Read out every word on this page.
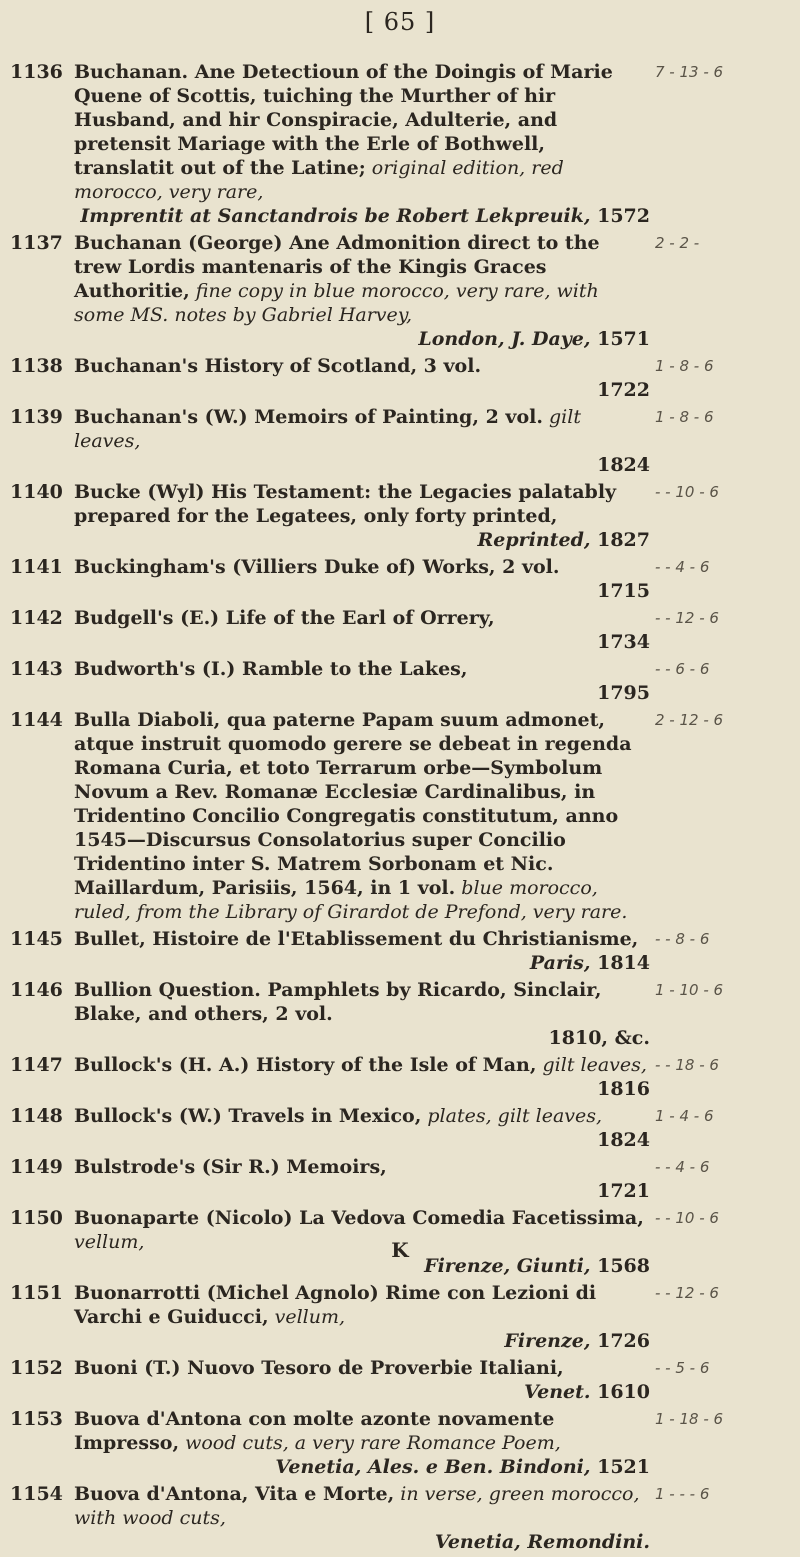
[ 65 ]
1136 Buchanan. Ane Detectioun of the Doingis of Marie Quene of Scottis, tuiching the Murther of hir Husband, and hir Conspiracie, Adulterie, and pretensit Mariage with the Erle of Bothwell, translatit out of the Latine; original edition, red morocco, very rare,
Imprentit at Sanctandrois be Robert Lekpreuik, 1572
1137 Buchanan (George) Ane Admonition direct to the trew Lordis mantenaris of the Kingis Graces Authoritie, fine copy in blue morocco, very rare, with some MS. notes by Gabriel Harvey,
London, J. Daye, 1571
1138 Buchanan's History of Scotland, 3 vol.
1722
1139 Buchanan's (W.) Memoirs of Painting, 2 vol. gilt leaves,
1824
1140 Bucke (Wyl) His Testament: the Legacies palatably prepared for the Legatees, only forty printed,
Reprinted, 1827
1141 Buckingham's (Villiers Duke of) Works, 2 vol.
1715
1142 Budgell's (E.) Life of the Earl of Orrery,
1734
1143 Budworth's (I.) Ramble to the Lakes,
1795
1144 Bulla Diaboli, qua paterne Papam suum admonet, atque instruit quomodo gerere se debeat in regenda Romana Curia, et toto Terrarum orbe—Symbolum Novum a Rev. Romanæ Ecclesiæ Cardinalibus, in Tridentino Concilio Congregatis constitutum, anno 1545—Discursus Consolatorius super Concilio Tridentino inter S. Matrem Sorbonam et Nic. Maillardum, Parisiis, 1564, in 1 vol. blue morocco, ruled, from the Library of Girardot de Prefond, very rare.
1145 Bullet, Histoire de l'Etablissement du Christianisme,
Paris, 1814
1146 Bullion Question. Pamphlets by Ricardo, Sinclair, Blake, and others, 2 vol.
1810, &c.
1147 Bullock's (H. A.) History of the Isle of Man, gilt leaves,
1816
1148 Bullock's (W.) Travels in Mexico, plates, gilt leaves,
1824
1149 Bulstrode's (Sir R.) Memoirs,
1721
1150 Buonaparte (Nicolo) La Vedova Comedia Facetissima, vellum,
Firenze, Giunti, 1568
1151 Buonarrotti (Michel Agnolo) Rime con Lezioni di Varchi e Guiducci, vellum,
Firenze, 1726
1152 Buoni (T.) Nuovo Tesoro de Proverbie Italiani,
Venet. 1610
1153 Buova d'Antona con molte azonte novamente Impresso, wood cuts, a very rare Romance Poem,
Venetia, Ales. e Ben. Bindoni, 1521
1154 Buova d'Antona, Vita e Morte, in verse, green morocco, with wood cuts,
Venetia, Remondini.
7 - 13 - 6
2 - 2 -
1 - 8 - 6
1 - 8 - 6
- - 10 - 6
- - 4 - 6
- - 12 - 6
- - 6 - 6
2 - 12 - 6
- - 8 - 6
1 - 10 - 6
- - 18 - 6
1 - 4 - 6
- - 4 - 6
- - 10 - 6
- - 12 - 6
- - 5 - 6
1 - 18 - 6
1 - - - 6
K
